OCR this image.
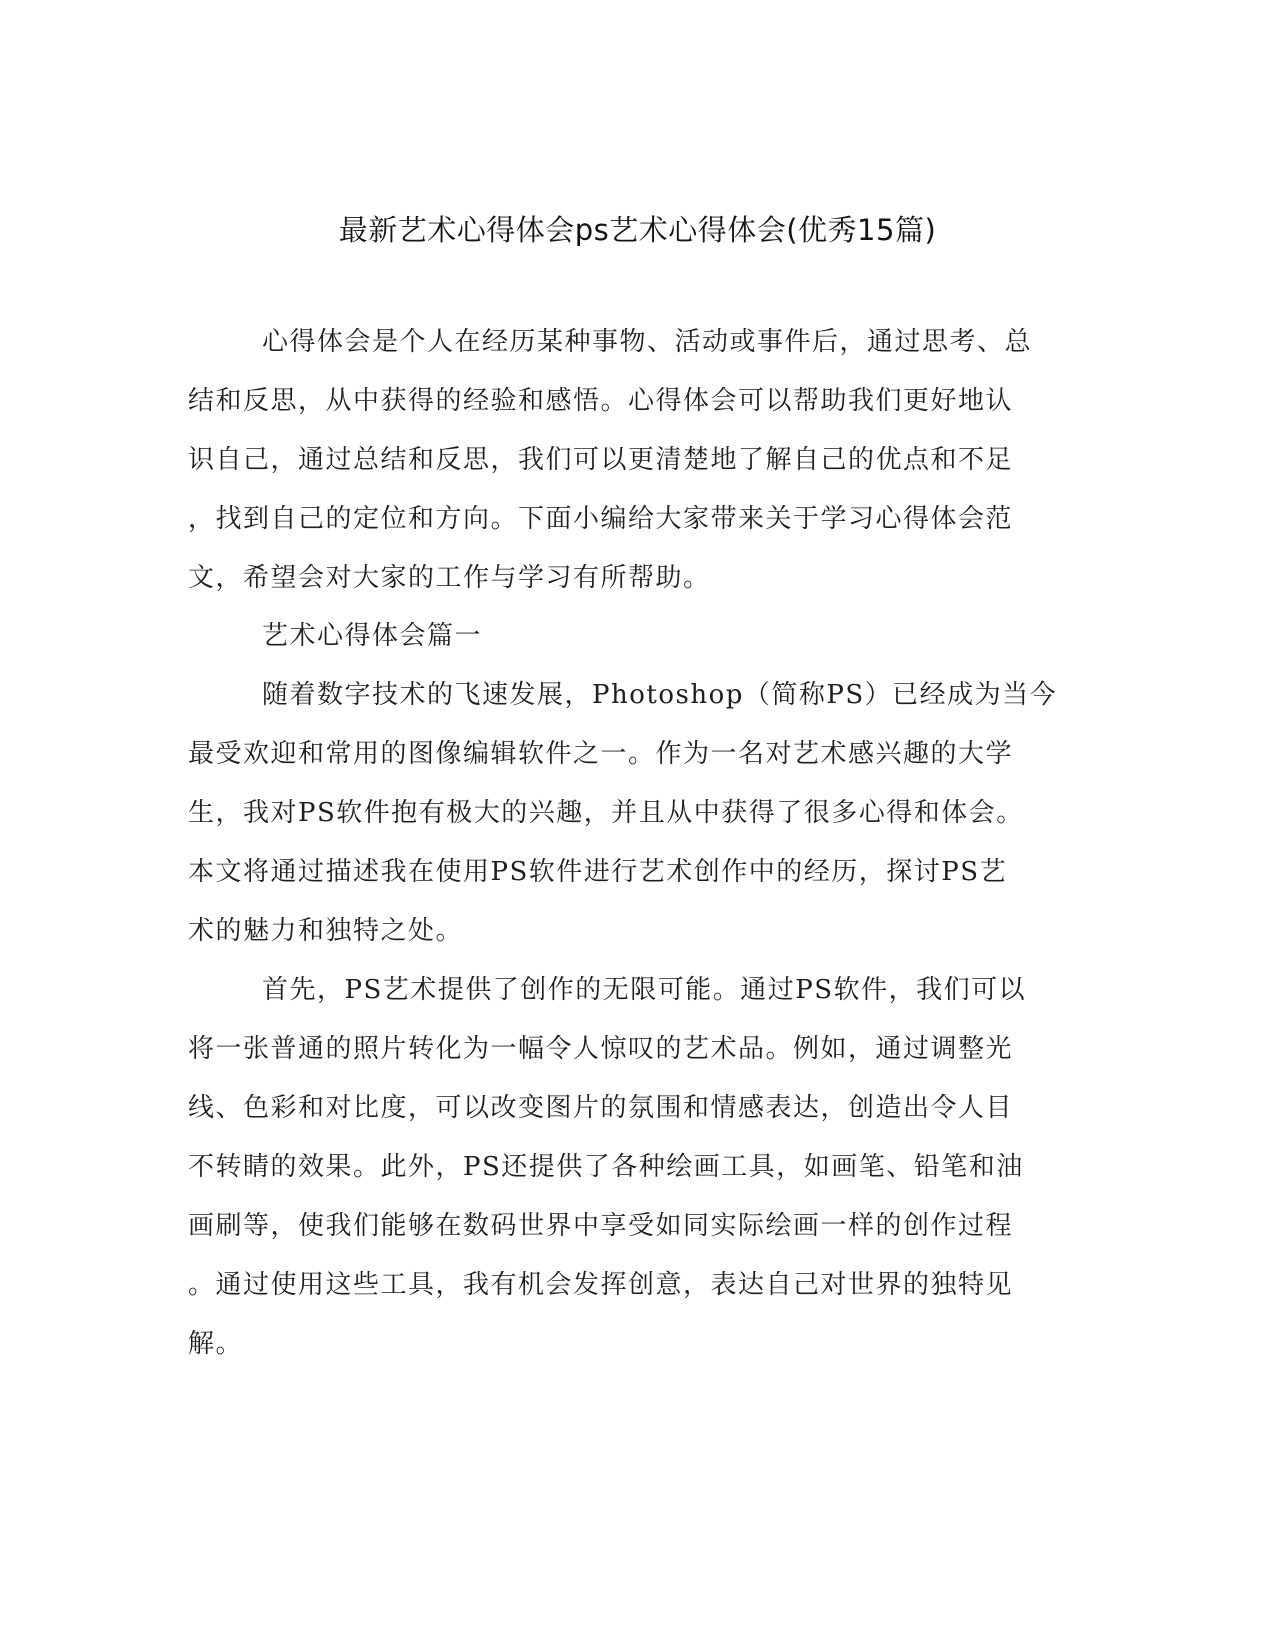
最新艺术心得体会ps艺术心得体会(优秀15篇)
心得体会是个人在经历某种事物、活动或事件后，通过思考、总
结和反思，从中获得的经验和感悟。心得体会可以帮助我们更好地认
识自己，通过总结和反思，我们可以更清楚地了解自己的优点和不足
，找到自己的定位和方向。下面小编给大家带来关于学习心得体会范
文，希望会对大家的工作与学习有所帮助。
艺术心得体会篇一
随着数字技术的飞速发展，Photoshop（简称PS）已经成为当今
最受欢迎和常用的图像编辑软件之一。作为一名对艺术感兴趣的大学
生，我对PS软件抱有极大的兴趣，并且从中获得了很多心得和体会。
本文将通过描述我在使用PS软件进行艺术创作中的经历，探讨PS艺
术的魅力和独特之处。
首先，PS艺术提供了创作的无限可能。通过PS软件，我们可以
将一张普通的照片转化为一幅令人惊叹的艺术品。例如，通过调整光
线、色彩和对比度，可以改变图片的氛围和情感表达，创造出令人目
不转睛的效果。此外，PS还提供了各种绘画工具，如画笔、铅笔和油
画刷等，使我们能够在数码世界中享受如同实际绘画一样的创作过程
。通过使用这些工具，我有机会发挥创意，表达自己对世界的独特见
解。
